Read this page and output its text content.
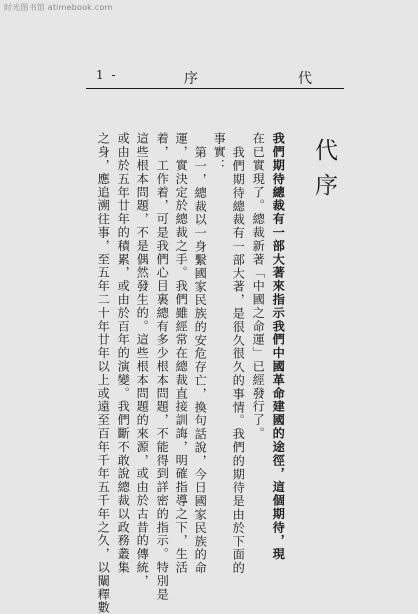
时光图书馆 atimebook.com
1 -	序	代
代序
我們期待總裁有一部大著來指示我們中國革命建國的途徑，這個期待，現
在已實現了。總裁新著「中國之命運」已經發行了。
我們期待總裁有一部大著，是很久很久的事情。我們的期待是由於下面的
事實：
第一，總裁以一身繫國家民族的安危存亡，換句話說，今日國家民族的命
運，實決定於總裁之手。我們雖經常在總裁直接訓誨，明確指導之下，生活
着，工作着，可是我們心目裏總有多少根本問題，不能得到詳密的指示。特別是
這些根本問題，不是偶然發生的。這些根本問題的來源，或由於古昔的傳統，
或由於五年廿年的積累，或由於百年的演變。我們斷不敢說總裁以政務叢集
之身，應追溯往事，至五年二十年廿年以上或遠至百年千年五千年之久，以闡釋數
